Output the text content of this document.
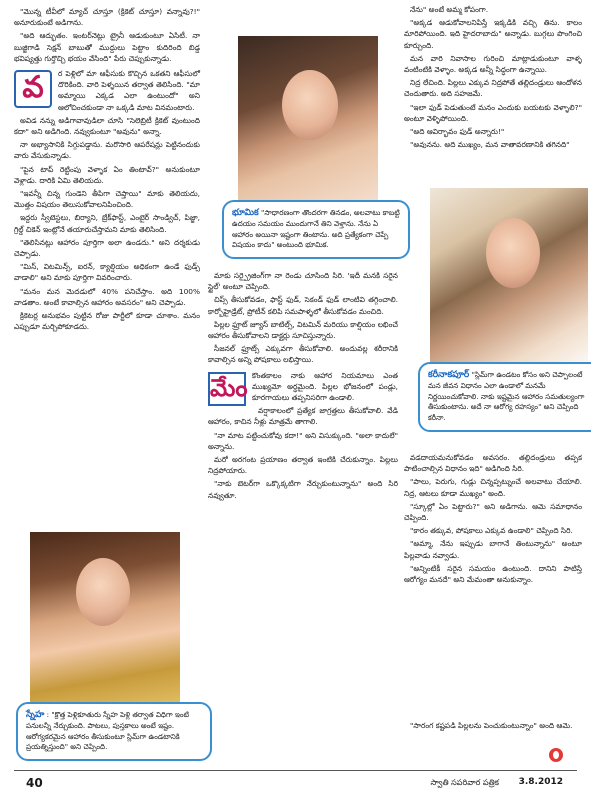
"మొన్న టీవీలో మ్యాచ్ చూస్తూ (క్రికెట్ చూస్తూ) వన్నావు?!" అనూరుకుంటే అడిగాను.

"అది ఆద్భుతం. ఇంటర్‌నెట్లు ట్రైనీ ఆడుకుంటూ ఏసిటీ. నా బుజ్జిగాడి సెక్షన్ బాబుతో ముద్దులు పెట్టాం కుదిరింది బిడ్డ భవిష్యత్తు గుర్తొచ్చి భయం వేసింది" పేరు చెప్పుకున్నాడు.

వ	ర పెళ్లిలో మా ఆఫీసుకు కొచ్చిన ఒకతని ఆఫీసులో దొరికింది. వారి పెళ్ళయిన తర్వాత తెలిసింది. "మా అమ్మాయి ఎక్కడ ఎలా ఉంటుందో" అని ఆలోచించకుండా నా ఒక్కడి మాట వినమంటారు.

అవిడ నన్ను అడిగావావుడిలా చూసి "సెలెబ్రిటీ క్రికెట్ వుంటుంది కదా" అని అడిగింది. నవ్వుకుంటూ "అవును" అన్నా.

నా అభ్యాసానికి సిగ్గుపడ్డాను. మరొసారి ఆపరేషన్లు పెట్టినందుకు వారు వేసుకున్నాడు.

"పైన టాప్ రెట్టింపు వెళ్ళాక ఏం తింటావ్?" అనుకుంటూ వెళ్లాడు. దారికి ఏమి తెలియదు.

"ఇవన్నీ చిన్న గుండెని తీపిగా చెప్తాయి" మాకు తెలియదు, మొత్తం విషయం తెలుసుకోవాలనిపించింది.

ఇద్దరు స్వీటెస్టలు, బిర్యాని, బ్రేక్‌ఫాస్ట్, ఎంటైర్ సాండ్విచ్, పిజ్జా, గ్రిల్డ్ చికెన్ ఇంట్లోనే తయారుచేస్తామని మాకు తెలిసింది.

"తెలిసినట్లు ఆహారం పూర్తిగా అలా ఉండదు." అని దర్శకుడు చెప్పాడు.

"మిస్, విటమిన్స్, ఐరన్, క్యాల్షియం అధికంగా ఉండే ఫుడ్స్ వాడాలి" అని మాకు పూర్తిగా వివరించారు.

"మనం మన మెదడులో 40% పనిచేస్తాం. అది 100% వాడతాం. అంటే కావాల్సిన ఆహారం అవసరం" అని చెప్పాడు.

క్రికెటర్ల అనుభవం పుట్టిన రోజు పార్టీలో కూడా చూశాం. మనం ఎప్పుడూ మర్చిపోకూడదు.

భూమిక "సాధారణంగా తొందరగా తినడం, అలవాటు కాబట్టి ఉదయం సమయం ముందుగానే తిని వెళ్తాను. నేను ఏ ఆహారం అయినా ఇష్టంగా తింటాను. అది ప్రత్యేకంగా చెప్పే విషయం కాదు" అంటుంది భూమిక.

మాకు సర్ప్రైజింగ్‌గా నా రెండు చూసింది సిరి. 'ఇదీ మనకి సరైన స్టైల్' అంటూ చెప్పింది.

చిప్స్ తీసుకోవడం, ఫాస్ట్ ఫుడ్, సెకండ్ ఫుడ్ లాంటివి తగ్గించాలి. కార్బోహైడ్రేట్, ప్రోటీన్ కలిపి సమపాళ్ళలో తీసుకోవడం మంచిది.

పిల్లల ఫ్రూట్ జ్యూస్ బాటిల్స్, విటమిన్ మరియు కాల్షియం లభించే ఆహారం తీసుకోవాలని డాక్టర్లు సూచిస్తున్నారు.

సీజనల్ ఫ్రూట్స్ ఎక్కువగా తీసుకోవాలి. అందువల్ల శరీరానికి కావాల్సిన అన్ని పోషకాలు లభిస్తాయి.

మేం కొంతకాలం నాకు ఆహార నియమాలు ఎంత ముఖ్యమో అర్థమైంది. పిల్లల భోజనంలో పండ్లు, కూరగాయలు తప్పనిసరిగా ఉండాలి.

వర్షాకాలంలో ప్రత్యేక జాగ్రత్తలు తీసుకోవాలి. వేడి ఆహారం, కాచిన నీళ్లు మాత్రమే తాగాలి.

"నా మాట పట్టించుకోవు కదా!" అని విసుక్కుంది. "అలా కాదులే" అన్నాను.

మరో అరగంట ప్రయాణం తర్వాత ఇంటికి చేరుకున్నాం. పిల్లలు నిద్రపోయారు.

"నాకు బెటర్‌గా ఒక్కొక్కటిగా నేర్చుకుంటున్నాను" అంది సిరి నవ్వుతూ.

నేను" అంటే అమ్మ కోపంగా.

"అక్కడ ఆడుకోవాలనిపిస్తే ఇక్కడికి వచ్చి తిను. కాలం మారిపోయింది. ఇది హైదరాబాదు" అన్నాడు. బుగ్గలు పొంగించి కూర్చుంది.

మన వారి నివాసాల గురించి మాట్లాడుకుంటూ వాళ్ళ వంటింటికి వెళ్ళాం. అక్కడ అన్నీ సిద్ధంగా ఉన్నాయి.

నిద్ర లేచింది. పిల్లలు ఎక్కువ నిద్రపోతే తల్లిదండ్రులు ఆందోళన చెందుతారు. అది సహజమే.

"ఇలా ఫుడ్ పెడుతుంటే మనం ఎందుకు బయటకు వెళ్ళాలి?" అంటూ వెళ్ళిపోయింది.

"అది ఆవిర్భావం ఫుడ్ అన్నారు!"

"అవునను. అది ముఖ్యం, మన వాతావరణానికి తగినది"

కరీనాకపూర్ "స్లిమ్‌గా ఉండటం కోసం అని చెప్పాలంటే మన జీవన విధానం ఎలా ఉండాలో మనమే నిర్ణయించుకోవాలి. నాకు ఇష్టమైన ఆహారం సమతుల్యంగా తీసుకుంటాను. అదే నా ఆరోగ్య రహస్యం" అని చెప్పింది కరీనా.

వడదాయమనుకోవడం అవసరం. తల్లిదండ్రులు తప్పక పాటించాల్సిన విధానం ఇది" అడిగింది సిరి.

"పాలు, పెరుగు, గుడ్లు చిన్నప్పట్నుంచే అలవాటు చేయాలి. నిద్ర, ఆటలు కూడా ముఖ్యం" అంది.

"స్కూల్లో ఏం పెట్టారు?" అని అడిగాను. ఆమె సమాధానం చెప్పింది.

"కారం తక్కువ, పోషకాలు ఎక్కువ ఉండాలి" చెప్పింది సిరి.

"అమ్మా, నేను ఇప్పుడు బాగానే తింటున్నాను" అంటూ పిల్లవాడు నవ్వాడు.

"అన్నింటికీ సరైన సమయం ఉంటుంది. దానిని పాటిస్తే ఆరోగ్యం మనదే" అని మేమంతా అనుకున్నాం.

"సారంగ కష్టపడి పిల్లలను పెంచుకుంటున్నాం" అంది ఆమె.

స్నేహ : "క్రొత్త పెళ్లికూతురు స్నేహ పెళ్లి తర్వాత విధిగా ఇంటి పనులన్నీ నేర్చుకుంది. పాటలు, పుస్తకాలు అంటే ఇష్టం. ఆరోగ్యకరమైన ఆహారం తీసుకుంటూ స్లిమ్‌గా ఉండటానికి ప్రయత్నిస్తుంది" అని చెప్పింది.
40	స్వాతి సపరివార పత్రిక 3.8.2012
